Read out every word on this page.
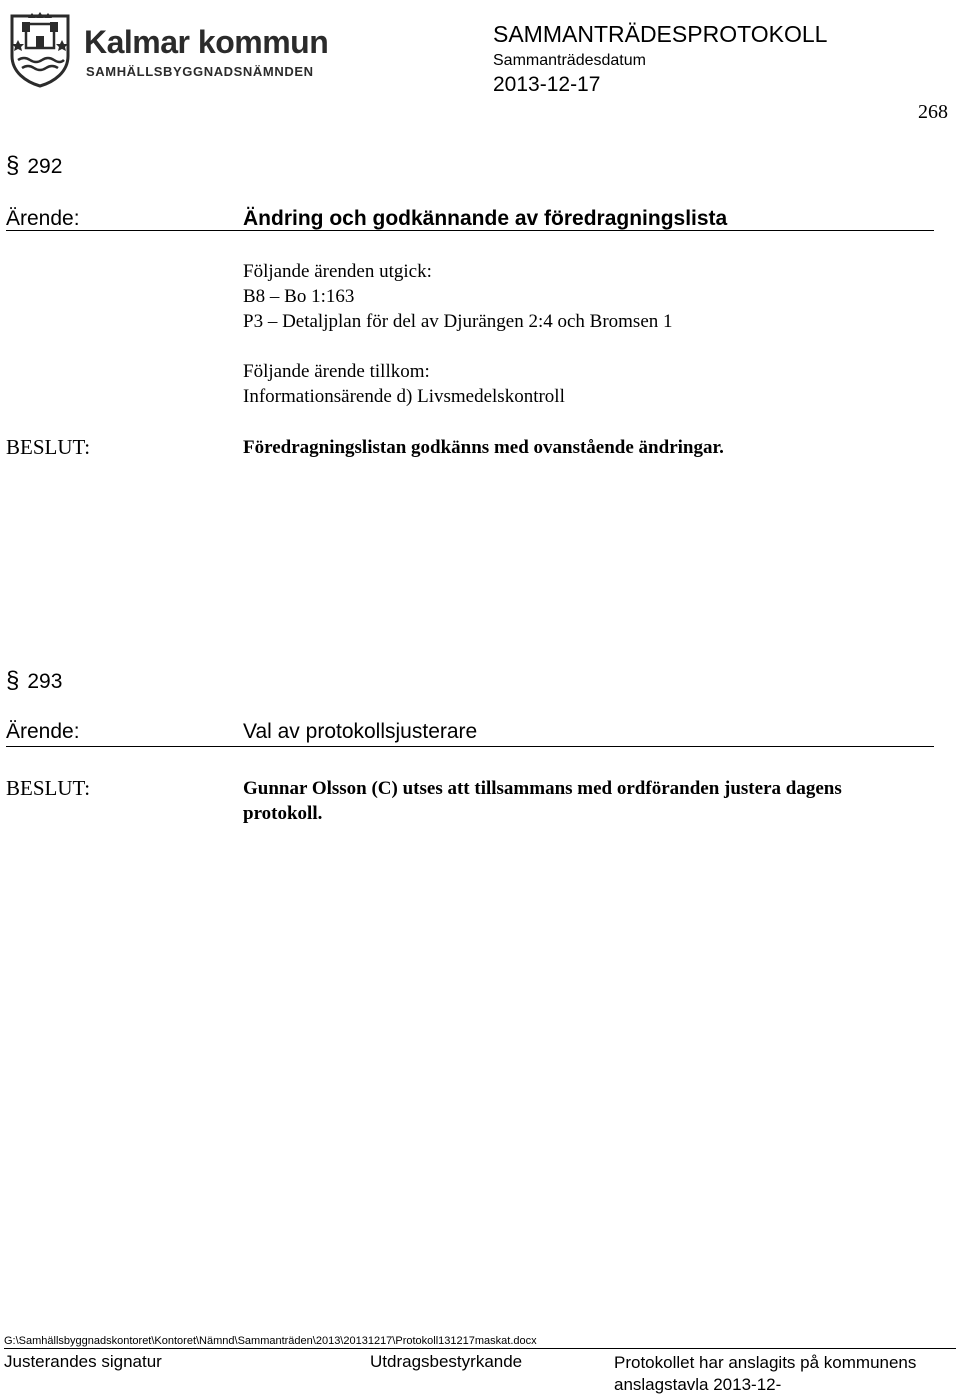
Kalmar kommun
SAMHÄLLSBYGGNADSNÄMNDEN
SAMMANTRÄDESPROTOKOLL
Sammanträdesdatum
2013-12-17
268
§ 292
Ärende:	Ändring och godkännande av föredragningslista
Följande ärenden utgick:
B8 – Bo 1:163
P3 – Detaljplan för del av Djurängen 2:4 och Bromsen 1
Följande ärende tillkom:
Informationsärende d) Livsmedelskontroll
BESLUT:	Föredragningslistan godkänns med ovanstående ändringar.
§ 293
Ärende:	Val av protokollsjusterare
BESLUT:	Gunnar Olsson (C) utses att tillsammans med ordföranden justera dagens protokoll.
G:\Samhällsbyggnadskontoret\Kontoret\Nämnd\Sammanträden\2013\20131217\Protokoll131217maskat.docx
Justerandes signatur	Utdragsbestyrkande	Protokollet har anslagits på kommunens
anslagstavla 2013-12-
